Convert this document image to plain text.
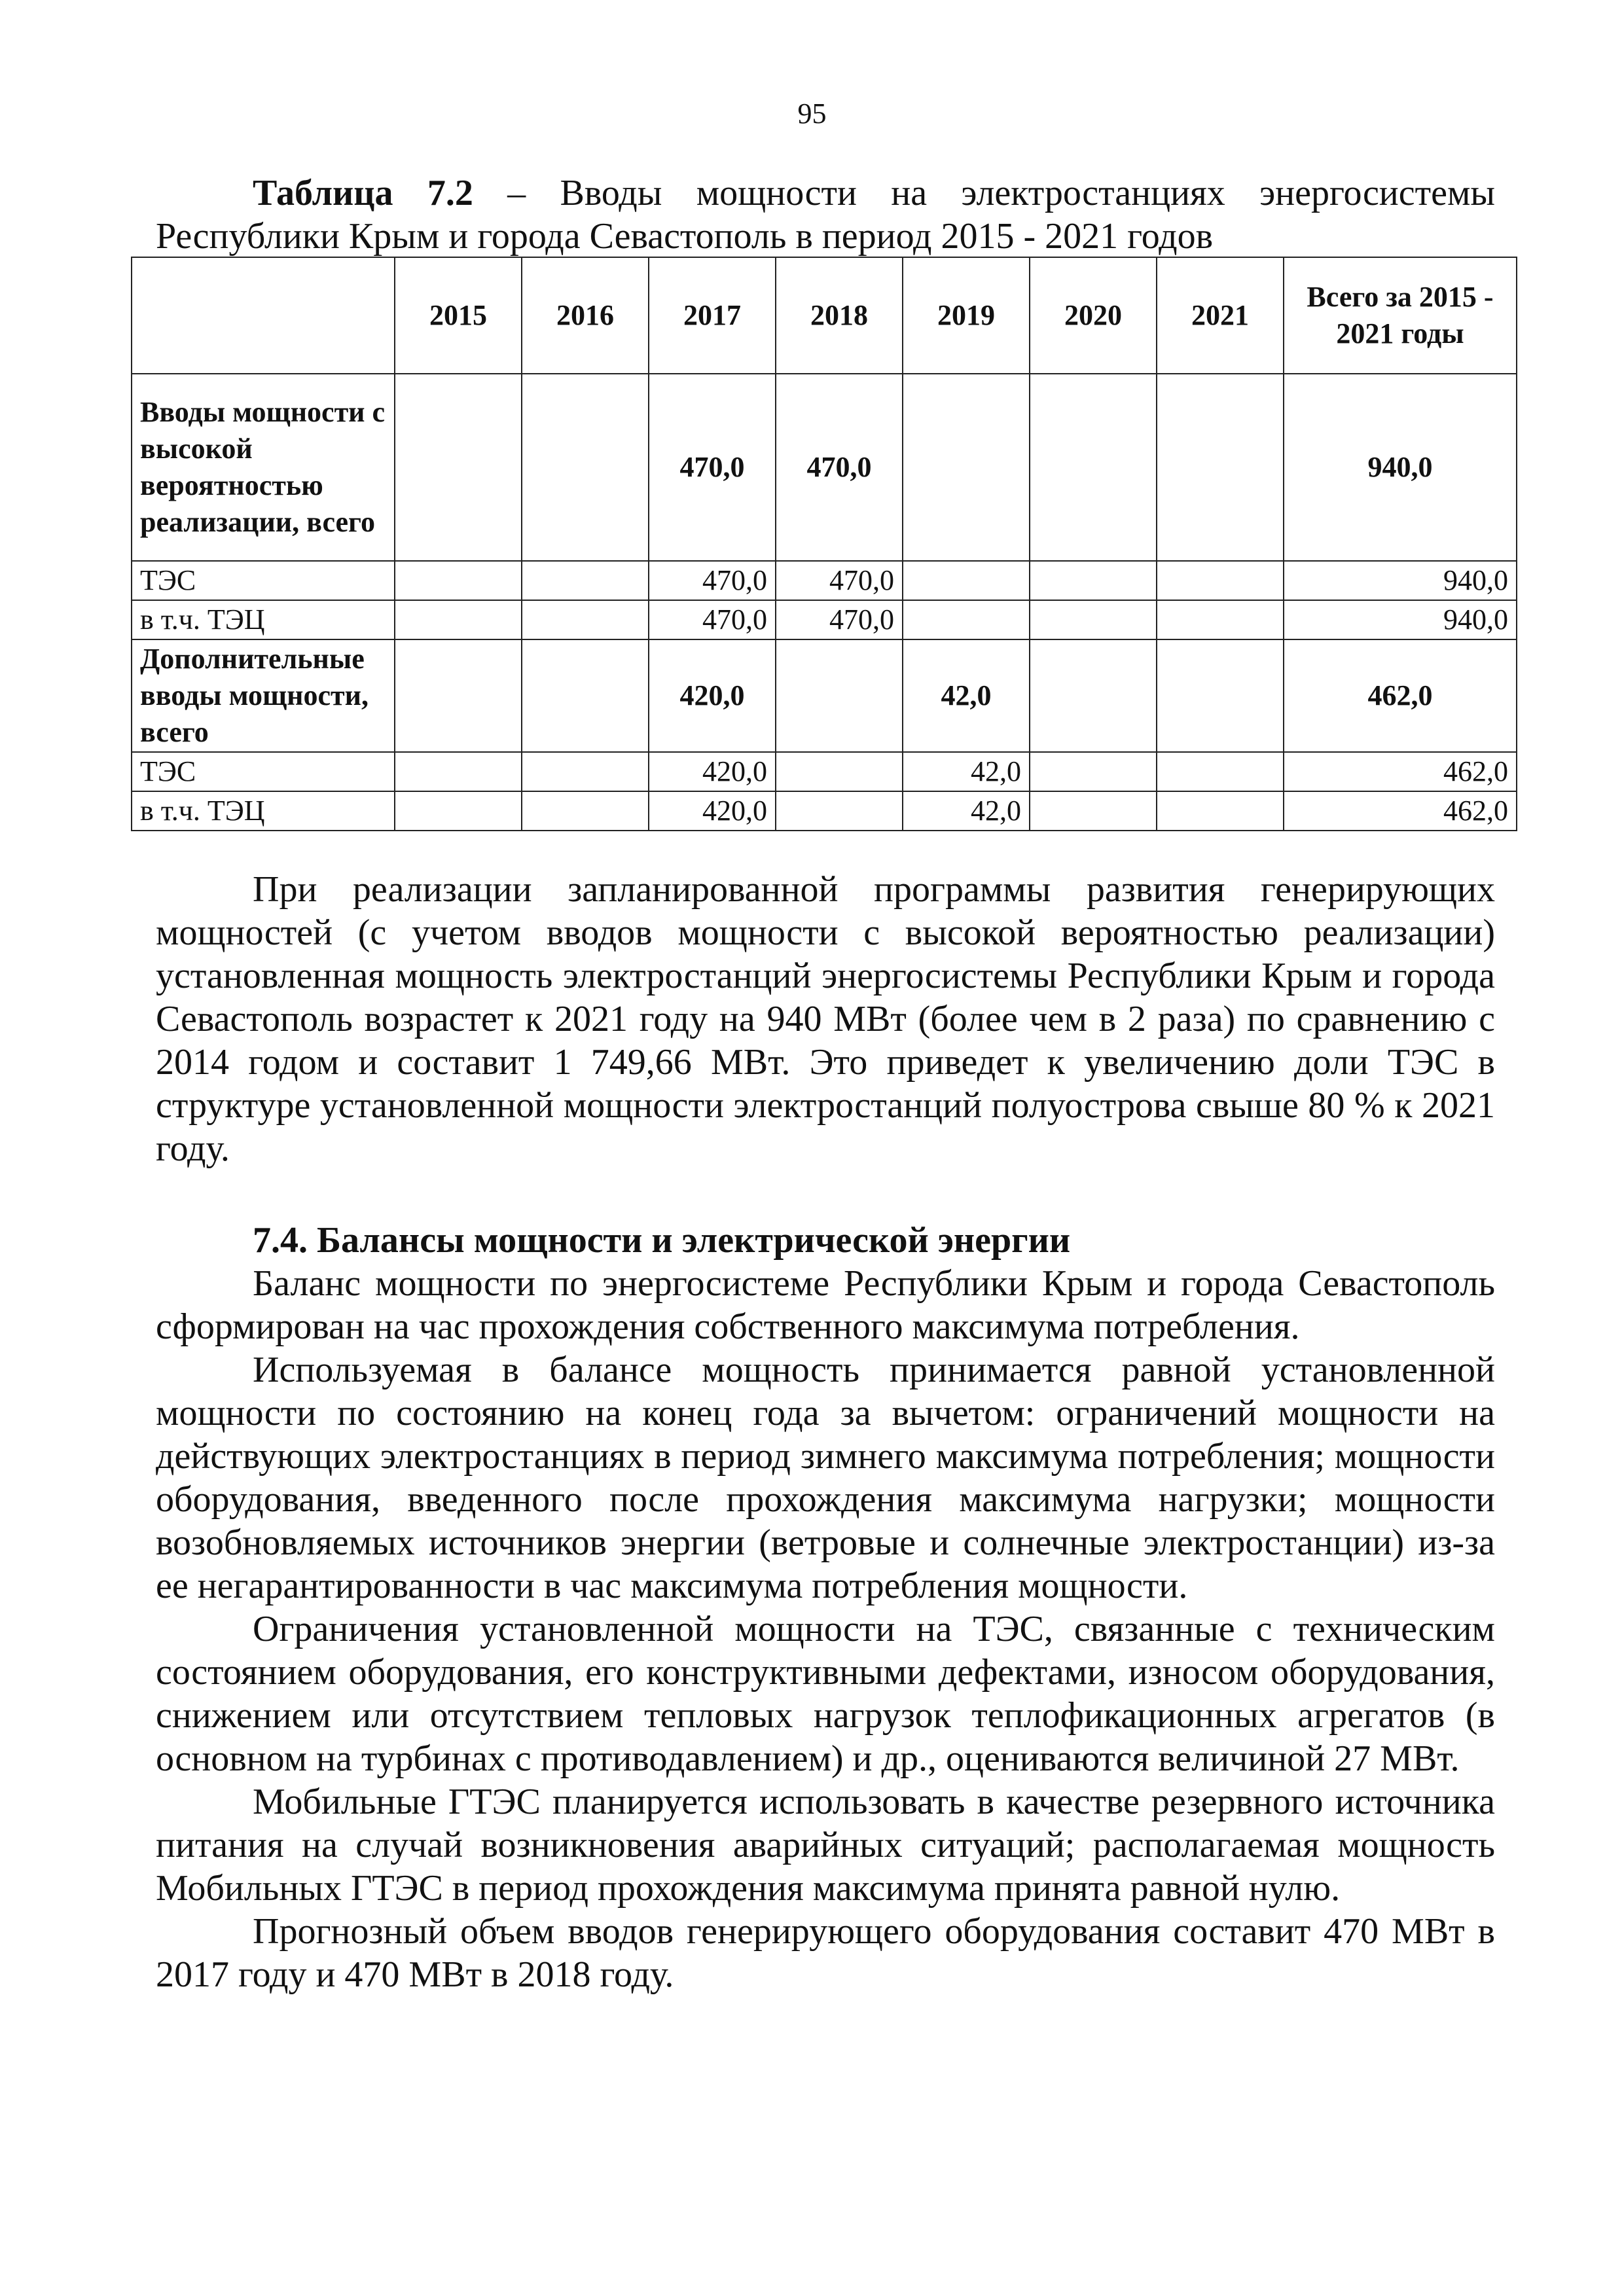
95
Таблица 7.2 – Вводы мощности на электростанциях энергосистемы Республики Крым и города Севастополь в период 2015 - 2021 годов
	2015	2016	2017	2018	2019	2020	2021	Всего за 2015 - 2021 годы
Вводы мощности с высокой вероятностью реализации, всего			470,0	470,0				940,0
ТЭС			470,0	470,0				940,0
в т.ч. ТЭЦ			470,0	470,0				940,0
Дополнительные вводы мощности, всего			420,0		42,0			462,0
ТЭС			420,0		42,0			462,0
в т.ч. ТЭЦ			420,0		42,0			462,0

При реализации запланированной программы развития генерирующих мощностей (с учетом вводов мощности с высокой вероятностью реализации) установленная мощность электростанций энергосистемы Республики Крым и города Севастополь возрастет к 2021 году на 940 МВт (более чем в 2 раза) по сравнению с 2014 годом и составит 1 749,66 МВт. Это приведет к увеличению доли ТЭС в структуре установленной мощности электростанций полуострова свыше 80 % к 2021 году.

7.4. Балансы мощности и электрической энергии

Баланс мощности по энергосистеме Республики Крым и города Севастополь сформирован на час прохождения собственного максимума потребления.

Используемая в балансе мощность принимается равной установленной мощности по состоянию на конец года за вычетом: ограничений мощности на действующих электростанциях в период зимнего максимума потребления; мощности оборудования, введенного после прохождения максимума нагрузки; мощности возобновляемых источников энергии (ветровые и солнечные электростанции) из-за ее негарантированности в час максимума потребления мощности.

Ограничения установленной мощности на ТЭС, связанные с техническим состоянием оборудования, его конструктивными дефектами, износом оборудования, снижением или отсутствием тепловых нагрузок теплофикационных агрегатов (в основном на турбинах с противодавлением) и др., оцениваются величиной 27 МВт.

Мобильные ГТЭС планируется использовать в качестве резервного источника питания на случай возникновения аварийных ситуаций; располагаемая мощность Мобильных ГТЭС в период прохождения максимума принята равной нулю.

Прогнозный объем вводов генерирующего оборудования составит 470 МВт в 2017 году и 470 МВт в 2018 году.
